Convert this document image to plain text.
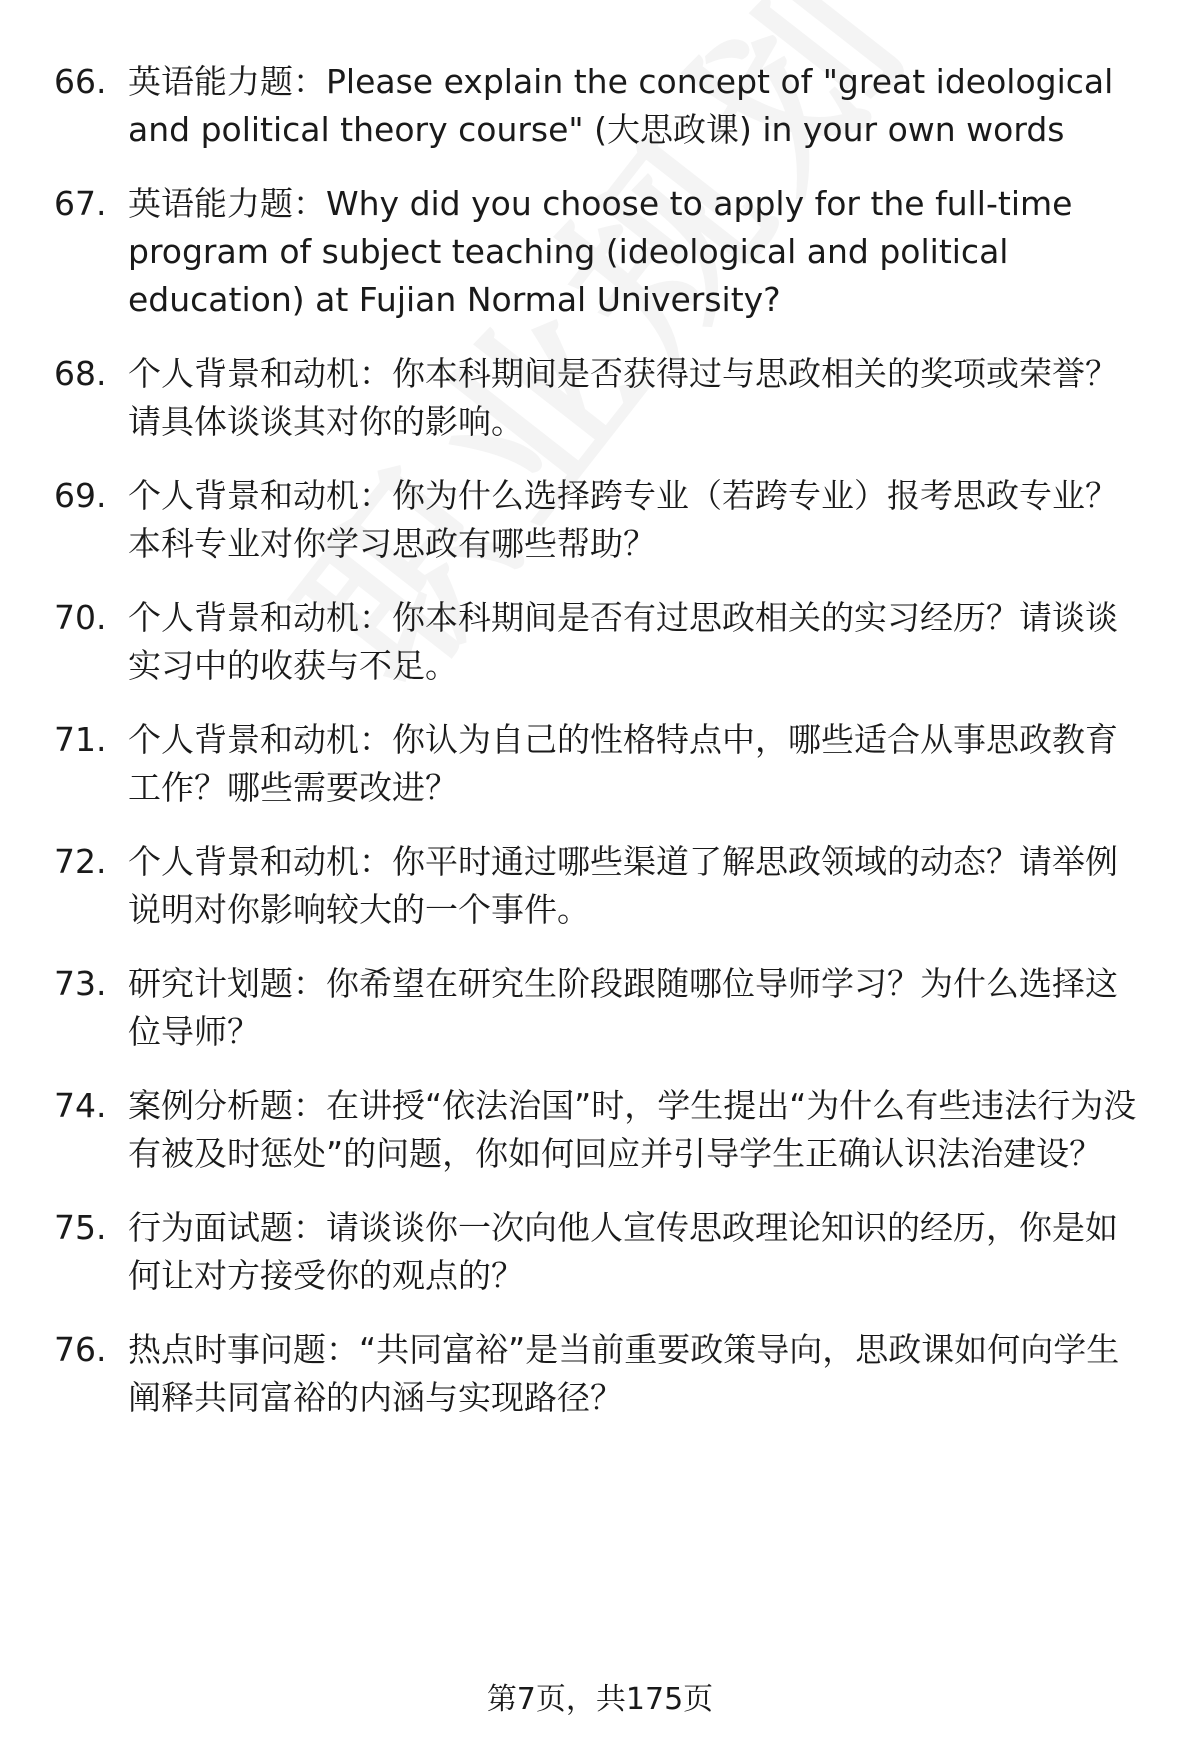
66. 英语能力题：Please explain the concept of "great ideological and political theory course" (大思政课) in your own words
67. 英语能力题：Why did you choose to apply for the full-time program of subject teaching (ideological and political education) at Fujian Normal University?
68. 个人背景和动机：你本科期间是否获得过与思政相关的奖项或荣誉？请具体谈谈其对你的影响。
69. 个人背景和动机：你为什么选择跨专业（若跨专业）报考思政专业？本科专业对你学习思政有哪些帮助？
70. 个人背景和动机：你本科期间是否有过思政相关的实习经历？请谈谈实习中的收获与不足。
71. 个人背景和动机：你认为自己的性格特点中，哪些适合从事思政教育工作？哪些需要改进？
72. 个人背景和动机：你平时通过哪些渠道了解思政领域的动态？请举例说明对你影响较大的一个事件。
73. 研究计划题：你希望在研究生阶段跟随哪位导师学习？为什么选择这位导师？
74. 案例分析题：在讲授“依法治国”时，学生提出“为什么有些违法行为没有被及时惩处”的问题，你如何回应并引导学生正确认识法治建设？
75. 行为面试题：请谈谈你一次向他人宣传思政理论知识的经历，你是如何让对方接受你的观点的？
76. 热点时事问题：“共同富裕”是当前重要政策导向，思政课如何向学生阐释共同富裕的内涵与实现路径？
第7页，共175页
